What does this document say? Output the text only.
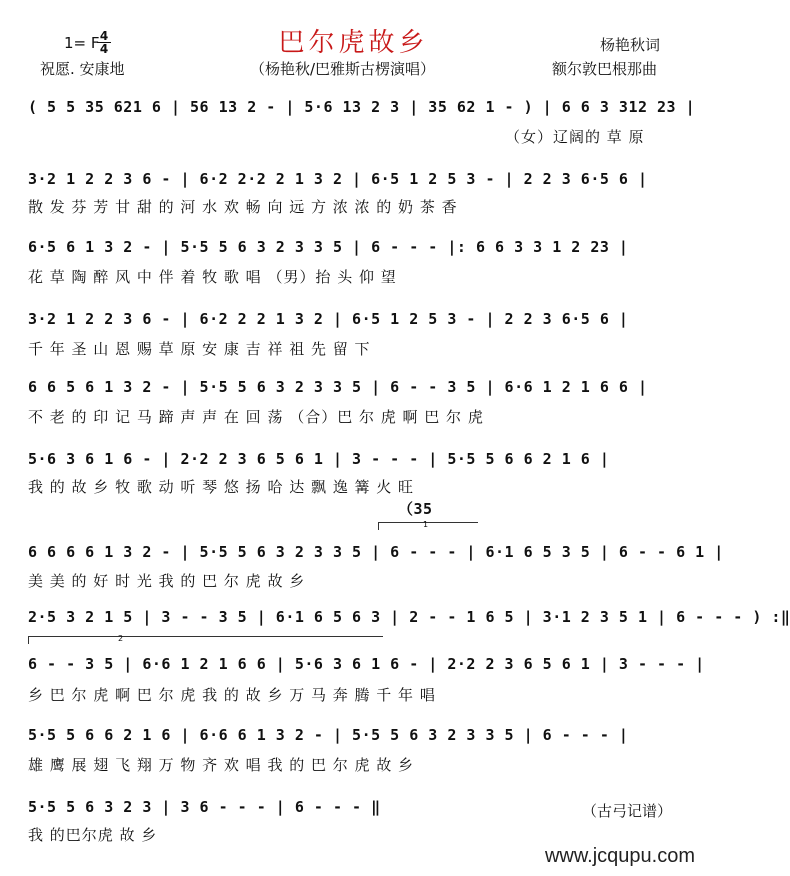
巴尔虎故乡
1= F 4
4
祝愿. 安康地	（杨艳秋/巴雅斯古楞演唱）
杨艳秋词
额尔敦巴根那曲
( 5 5 35 621 6 | 56 13 2 - | 5·6 13 2 3 | 35 62 1 - ) | 6 6 3 312 23 |
（女）辽阔的 草 原
3·2 1 2 2 3 6 - | 6·2 2·2 2 1 3 2 | 6·5 1 2 5 3 - | 2 2 3 6·5 6 |
散 发 芬 芳 甘 甜 的 河 水 欢 畅 向 远 方 浓 浓 的 奶 茶 香
6·5 6 1 3 2 - | 5·5 5 6 3 2 3 3 5 | 6 - - - |: 6 6 3 3 1 2 23 |
花 草 陶 醉 风 中 伴 着 牧 歌 唱 （男）抬 头 仰 望
3·2 1 2 2 3 6 - | 6·2 2 2 1 3 2 | 6·5 1 2 5 3 - | 2 2 3 6·5 6 |
千 年 圣 山 恩 赐 草 原 安 康 吉 祥 祖 先 留 下
6 6 5 6 1 3 2 - | 5·5 5 6 3 2 3 3 5 | 6 - - 3 5 | 6·6 1 2 1 6 6 |
不 老 的 印 记 马 蹄 声 声 在 回 荡 （合）巴 尔 虎 啊 巴 尔 虎
5·6 3 6 1 6 - | 2·2 2 3 6 5 6 1 | 3 - - - | 5·5 5 6 6 2 1 6 |
我 的 故 乡 牧 歌 动 听 琴 悠 扬 哈 达 飘 逸 篝 火 旺
（35
1
6 6 6 6 1 3 2 - | 5·5 5 6 3 2 3 3 5 | 6 - - - | 6·1 6 5 3 5 | 6 - - 6 1 |
美 美 的 好 时 光 我 的 巴 尔 虎 故 乡
2·5 3 2 1 5 | 3 - - 3 5 | 6·1 6 5 6 3 | 2 - - 1 6 5 | 3·1 2 3 5 1 | 6 - - - ) :‖
2
6 - - 3 5 | 6·6 1 2 1 6 6 | 5·6 3 6 1 6 - | 2·2 2 3 6 5 6 1 | 3 - - - |
乡 巴 尔 虎 啊 巴 尔 虎 我 的 故 乡 万 马 奔 腾 千 年 唱
5·5 5 6 6 2 1 6 | 6·6 6 1 3 2 - | 5·5 5 6 3 2 3 3 5 | 6 - - - |
雄 鹰 展 翅 飞 翔 万 物 齐 欢 唱 我 的 巴 尔 虎 故 乡
5·5 5 6 3 2 3 | 3 6 - - - | 6 - - - ‖
我 的巴尔虎 故 乡
（古弓记谱）
www.jcqupu.com
